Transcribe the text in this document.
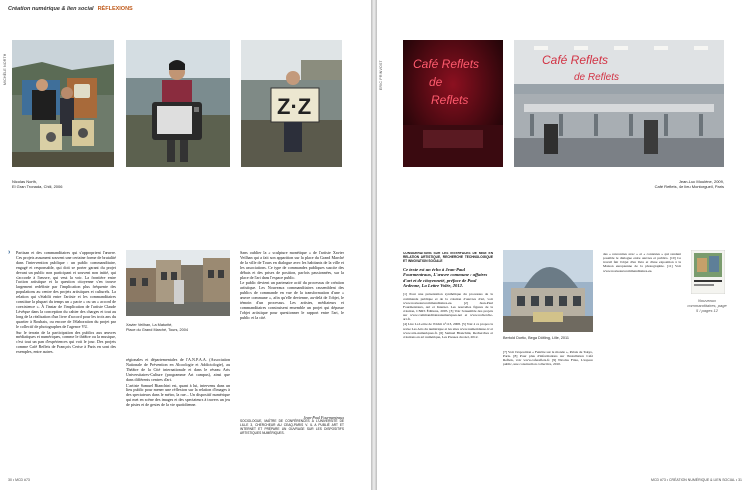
Création numérique & lien social RÉFLEXIONS
MICHÈLE NORTH
Z·Z
Nicolas North,
El Gran Tronada, Chili, 2006
› Partisan et des commanditaires qui s'approprient l'œuvre. Ces projets assument souvent une certaine forme de brutalité dans l'intervention publique : un public commanditaire, engagé et responsable, qui doit se porter garant du projet devant un public non participant et souvent non initié, qui s'accorde à l'œuvre, qui veut la voir. La frontière entre l'action artistique et la question citoyenne s'en trouve largement redéfinie par l'implication plus fréquente des populations au centre des projets artistiques et culturels. La relation qui s'établit entre l'artiste et les commanditaires constitue la plupart du temps un « pacte » ou un « accord de coexistence ». À l'instar de l'implication de l'artiste Claude Lévêque dans la conception du cahier des charges et tout au long de la réalisation d'un livre d'accord pour les trois ans du quartier à Roubaix, ou encore de l'élaboration du projet par le collectif de photographes de l'agence VU.

Sur le terrain de la participation des publics aux œuvres médiatiques et numériques, comme le théâtre ou la musique, c'est tout un pan d'expériences qui voit le jour. Des projets comme Café Reflets de François Cerise à Paris en sont des exemples, entre autres.

Xavier Veilhan, La Maturité,
Place du Grand Marché, Tours, 2004

Sans oublier la « sculpture monétique » de l'artiste Xavier Veilhan qui a fait son apparition sur la place du Grand Marché de la ville de Tours en dialogue avec les habitants de la ville et les associations. Ce type de commandes publiques suscite des débats et des prises de position, parfois passionnées, sur la place de l'art dans l'espace public.

Le public devient un partenaire actif du processus de création artistique. Les Nouveaux commanditaires rassemblent des publics de commande en vue de la transformation d'une « œuvre commune », afin qu'elle devienne, au-delà de l'objet, le témoin d'un processus. Les artistes, médiateurs et commanditaires construisent ensemble un projet qui dépasse l'objet artistique pour questionner le rapport entre l'art, le public et la cité.

régionales et départementales de l'A.N.P.A.A. (Association Nationale de Prévention en Alcoologie et Addictologie), au Théâtre de la Cité internationale et dans le réseau Arts Universitaires-Culture (programme Art campus), ainsi que dans différents centres d'art.

L'artiste Samuel Bianchini est, quant à lui, intervenu dans un lieu public pour mener une réflexion sur la relation d'images à des spectateurs dans le métro, la rue... Un dispositif numérique qui met en scène des images et des spectateurs à travers un jeu de pistes et de gestes de la vie quotidienne.

Jean-Paul Fourmentraux
SOCIOLOGUE, MAÎTRE DE CONFÉRENCES À L'UNIVERSITÉ DE LILLE 3, CHERCHEUR AU CEAQ-PARIS V. IL A PUBLIÉ ART ET INTERNET ET PRÉPARE UN OUVRAGE SUR LES DISPOSITIFS ARTISTIQUES NUMÉRIQUES.
30 • MCD #73
ERIC PRINVOST	Café Reflets
de
Reflets
Café Reflets
de Reflets
Jean-Luc Moulène, 2009,
Café Reflets, 4e lieu Montorgueil, Paris
CONSIDÉRATIONS SUR LES INTERFACES DE MISE EN RELATION ARTISTIQUE, RECHERCHE TECHNOLOGIQUE ET INNOVATION SOCIALE
Ce texte est un écho à Jean-Paul Fourmentraux, L'œuvre commune : affaires d'art et de citoyenneté, préface de Paul Ardenne, La Lettre Volée, 2012.

[1] Pour une présentation synthétique du processus de la commande publique et de la création d'œuvres d'art, voir www.nouveauxcommanditaires.eu. [2] Jean-Paul Fourmentraux, Art et Internet. Les nouvelles figures de la création, CNRS Éditions, 2005. [3] Voir l'ensemble des projets sur www.commanditairesnumeriques.net et www.recherche-art.fr.

[4] Lire La Lettre de l'Ocim n°113, 2008. [5] Voir à ce propos la revue Les Arts du numérique et les sites www.numeridanse.tv et www.arts-numeriques.fr. [6] Samuel Bianchini, Recherches et créations en art numérique, Les Presses du réel, 2012.	Bertold Dortic, Bega Dötling, Lille, 2011

[7] Voir l'exposition « Fenêtre sur le monde », Palais de Tokyo, Paris. [8] Pour plus d'informations sur l'installation Café Reflets, voir www.cafereflets.fr. [9] Nicolas Frize, L'espace public, une construction collective, 2010.

des « rencontres avec » et « contextes » qui rendent possible le dialogue entre œuvres et publics. [10] Ce travail fait l'objet d'un livre et d'une exposition à la Maison européenne de la photographie. [11] Voir www.nouveauxcommanditaires.eu.

Nouveaux commanditaires, page 5 / pages 12
MCD #73 • CRÉATION NUMÉRIQUE & LIEN SOCIAL • 31
